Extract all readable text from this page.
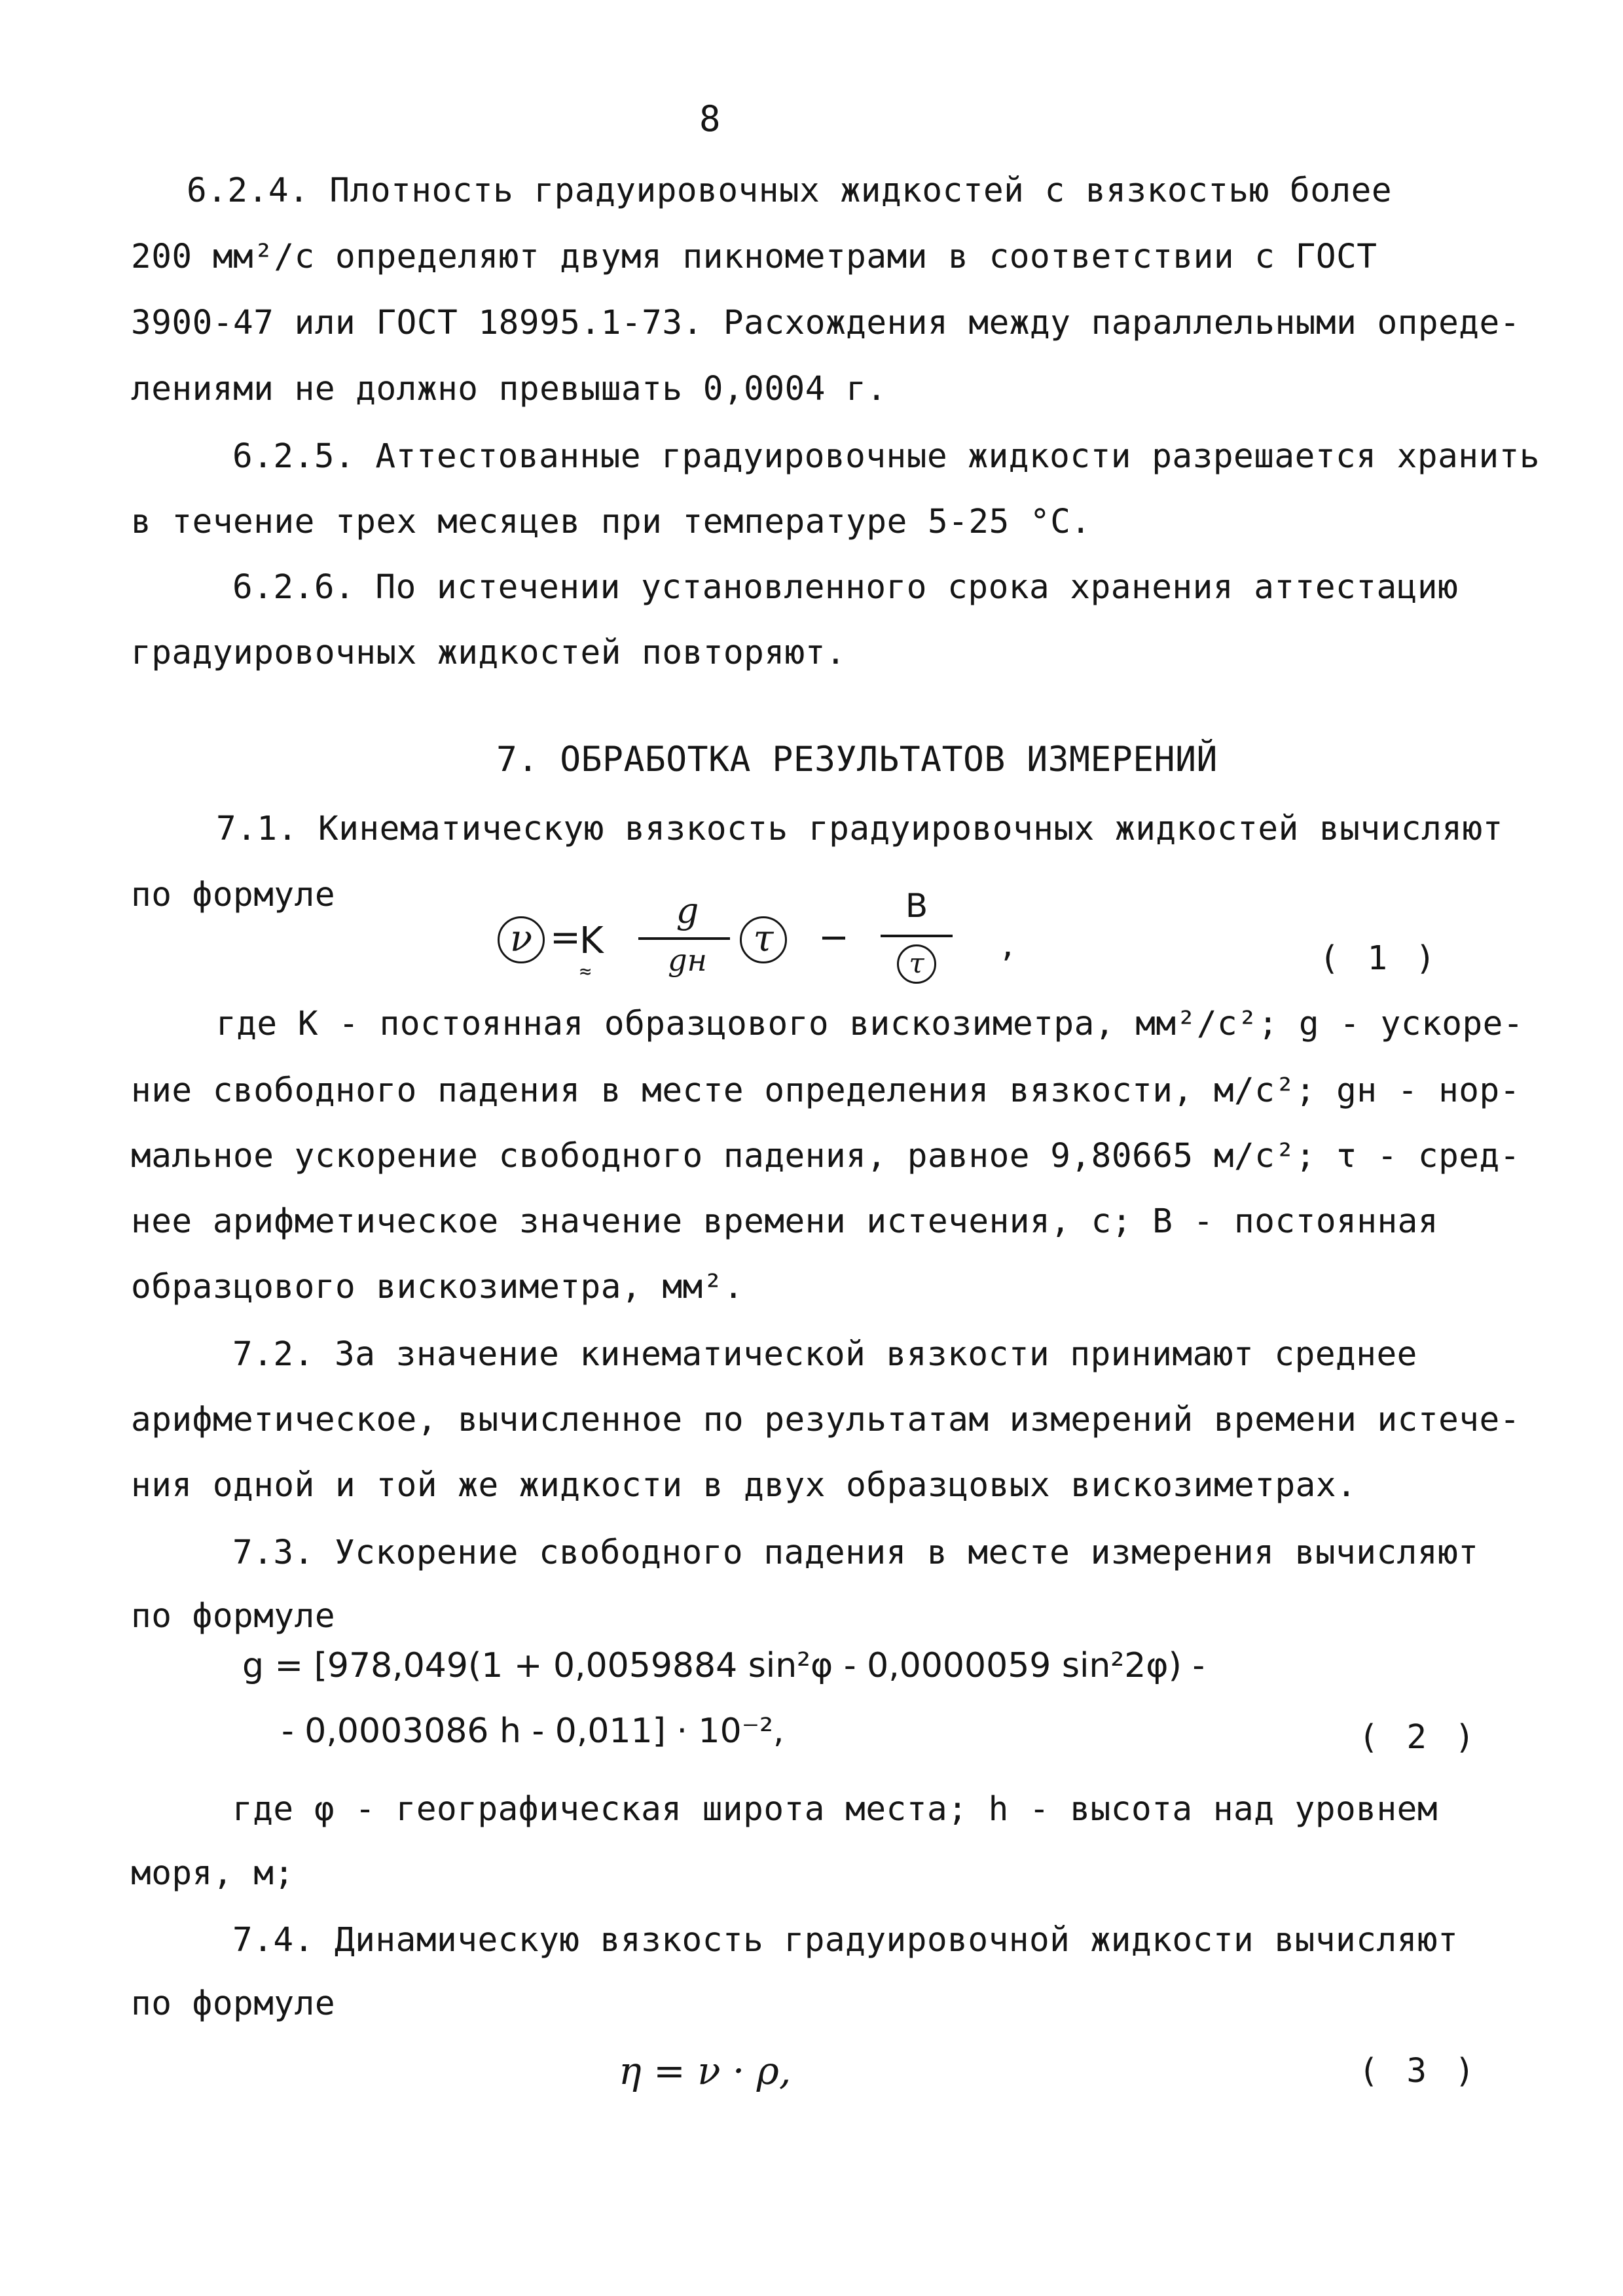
8
6.2.4. Плотность градуировочных жидкостей с вязкостью более
200 мм²/с определяют двумя пикнометрами в соответствии с ГОСТ
3900-47 или ГОСТ 18995.1-73. Расхождения между параллельными опреде-
лениями не должно превышать 0,0004 г.
6.2.5. Аттестованные градуировочные жидкости разрешается хранить
в течение трех месяцев при температуре 5-25 °С.
6.2.6. По истечении установленного срока хранения аттестацию
градуировочных жидкостей повторяют.
7. ОБРАБОТКА РЕЗУЛЬТАТОВ ИЗМЕРЕНИЙ
7.1. Кинематическую вязкость градуировочных жидкостей вычисляют
по формуле
ν =
K
≈
g
gн	τ	−
B
τ	,	( 1 )
где K - постоянная образцового вискозиметра, мм²/с²; g - ускоре-
ние свободного падения в месте определения вязкости, м/с²; gн - нор-
мальное ускорение свободного падения, равное 9,80665 м/с²; τ - сред-
нее арифметическое значение времени истечения, с; B - постоянная
образцового вискозиметра, мм².
7.2. За значение кинематической вязкости принимают среднее
арифметическое, вычисленное по результатам измерений времени истече-
ния одной и той же жидкости в двух образцовых вискозиметрах.
7.3. Ускорение свободного падения в месте измерения вычисляют
по формуле
g = [978,049(1 + 0,0059884 sin²φ - 0,0000059 sin²2φ) -
- 0,0003086 h - 0,011] · 10⁻²,	( 2 )
где φ - географическая широта места; h - высота над уровнем
моря, м;
7.4. Динамическую вязкость градуировочной жидкости вычисляют
по формуле
η = ν · ρ,	( 3 )
